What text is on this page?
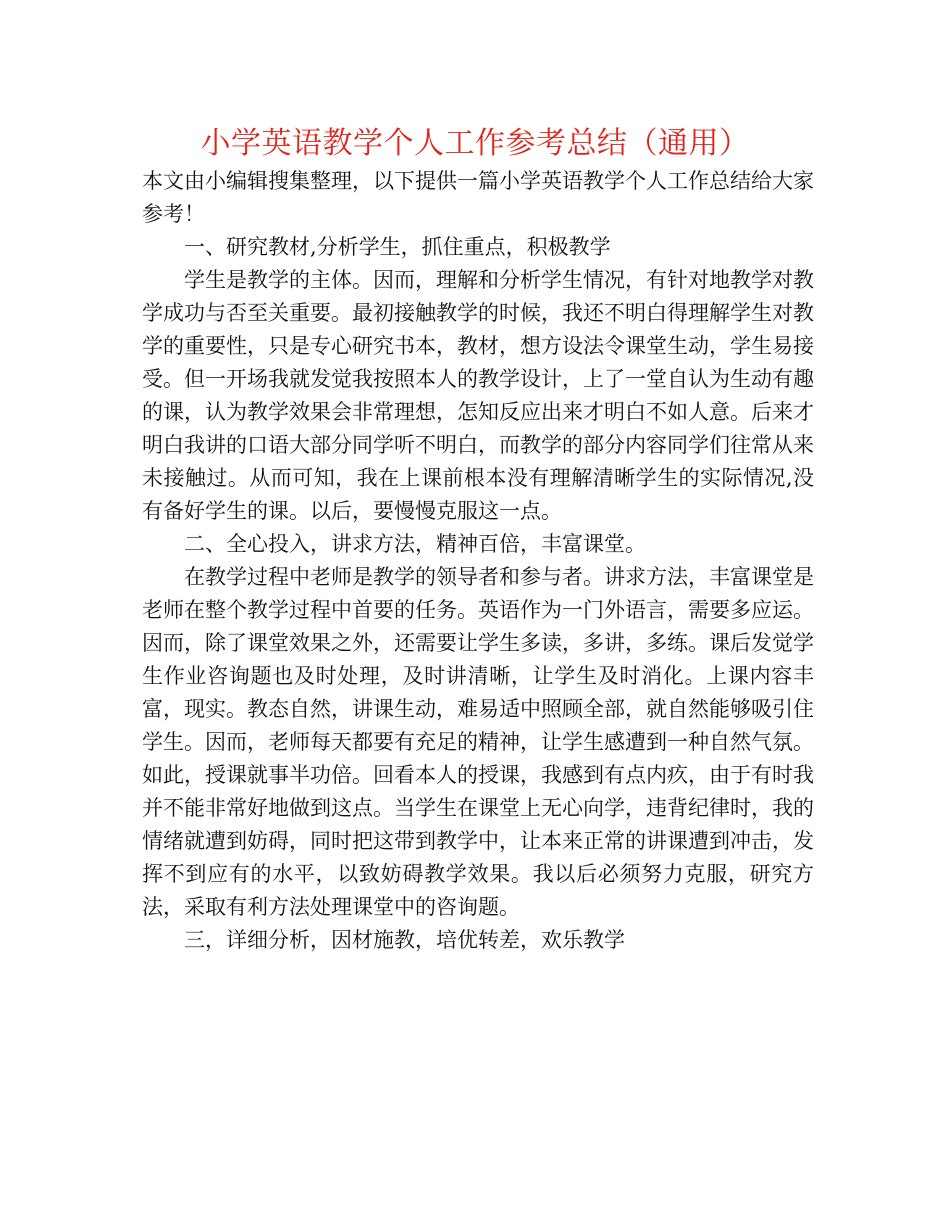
小学英语教学个人工作参考总结（通用）

本文由小编辑搜集整理，以下提供一篇小学英语教学个人工作总结给大家参考！

一、研究教材,分析学生，抓住重点，积极教学

学生是教学的主体。因而，理解和分析学生情况，有针对地教学对教学成功与否至关重要。最初接触教学的时候，我还不明白得理解学生对教学的重要性，只是专心研究书本，教材，想方设法令课堂生动，学生易接受。但一开场我就发觉我按照本人的教学设计，上了一堂自认为生动有趣的课，认为教学效果会非常理想，怎知反应出来才明白不如人意。后来才明白我讲的口语大部分同学听不明白，而教学的部分内容同学们往常从来未接触过。从而可知，我在上课前根本没有理解清晰学生的实际情况,没有备好学生的课。以后，要慢慢克服这一点。

二、全心投入，讲求方法，精神百倍，丰富课堂。

在教学过程中老师是教学的领导者和参与者。讲求方法，丰富课堂是老师在整个教学过程中首要的任务。英语作为一门外语言，需要多应运。因而，除了课堂效果之外，还需要让学生多读，多讲，多练。课后发觉学生作业咨询题也及时处理，及时讲清晰，让学生及时消化。上课内容丰富，现实。教态自然，讲课生动，难易适中照顾全部，就自然能够吸引住学生。因而，老师每天都要有充足的精神，让学生感遭到一种自然气氛。如此，授课就事半功倍。回看本人的授课，我感到有点内疚，由于有时我并不能非常好地做到这点。当学生在课堂上无心向学，违背纪律时，我的情绪就遭到妨碍，同时把这带到教学中，让本来正常的讲课遭到冲击，发挥不到应有的水平，以致妨碍教学效果。我以后必须努力克服，研究方法，采取有利方法处理课堂中的咨询题。

三，详细分析，因材施教，培优转差，欢乐教学
